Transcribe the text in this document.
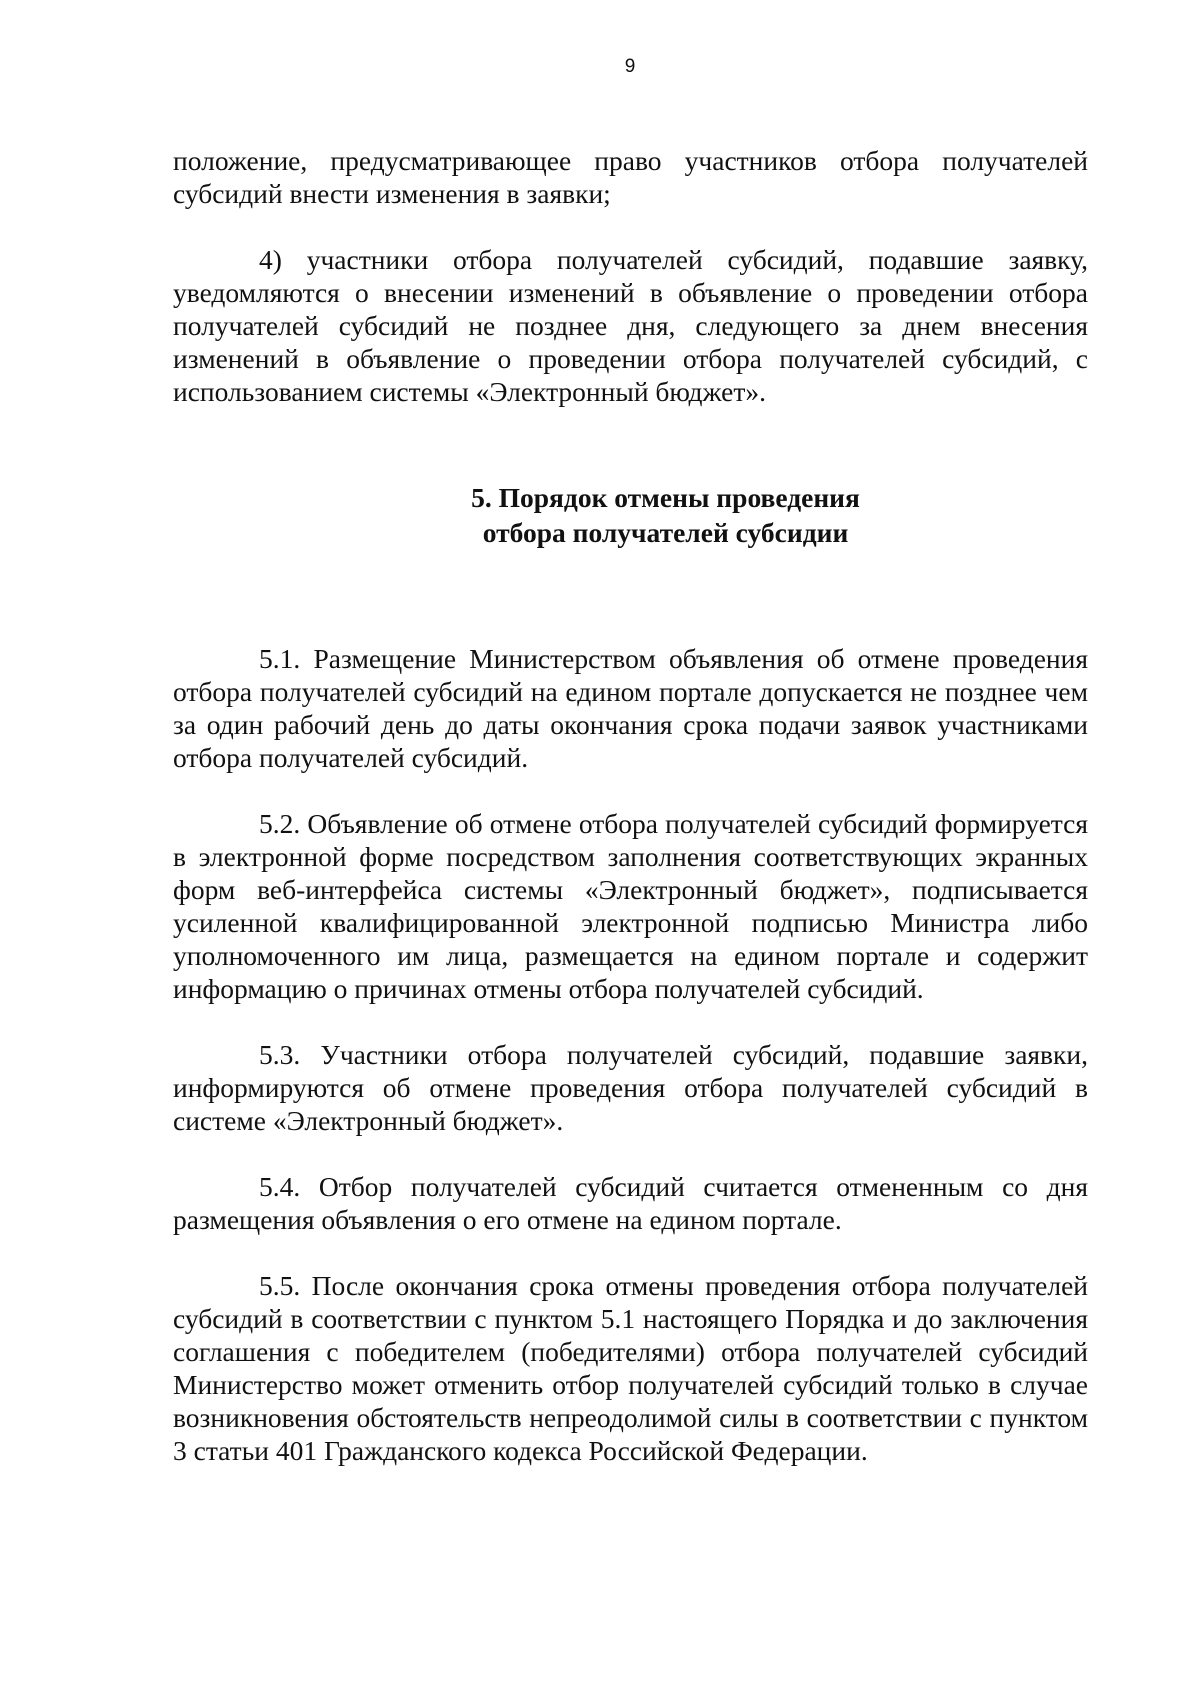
9

положение, предусматривающее право участников отбора получателей субсидий внести изменения в заявки;

4) участники отбора получателей субсидий, подавшие заявку, уведомляются о внесении изменений в объявление о проведении отбора получателей субсидий не позднее дня, следующего за днем внесения изменений в объявление о проведении отбора получателей субсидий, с использованием системы «Электронный бюджет».

5. Порядок отмены проведения
отбора получателей субсидии

5.1. Размещение Министерством объявления об отмене проведения отбора получателей субсидий на едином портале допускается не позднее чем за один рабочий день до даты окончания срока подачи заявок участниками отбора получателей субсидий.

5.2. Объявление об отмене отбора получателей субсидий формируется в электронной форме посредством заполнения соответствующих экранных форм веб-интерфейса системы «Электронный бюджет», подписывается усиленной квалифицированной электронной подписью Министра либо уполномоченного им лица, размещается на едином портале и содержит информацию о причинах отмены отбора получателей субсидий.

5.3. Участники отбора получателей субсидий, подавшие заявки, информируются об отмене проведения отбора получателей субсидий в системе «Электронный бюджет».

5.4. Отбор получателей субсидий считается отмененным со дня размещения объявления о его отмене на едином портале.

5.5. После окончания срока отмены проведения отбора получателей субсидий в соответствии с пунктом 5.1 настоящего Порядка и до заключения соглашения с победителем (победителями) отбора получателей субсидий Министерство может отменить отбор получателей субсидий только в случае возникновения обстоятельств непреодолимой силы в соответствии с пунктом 3 статьи 401 Гражданского кодекса Российской Федерации.
